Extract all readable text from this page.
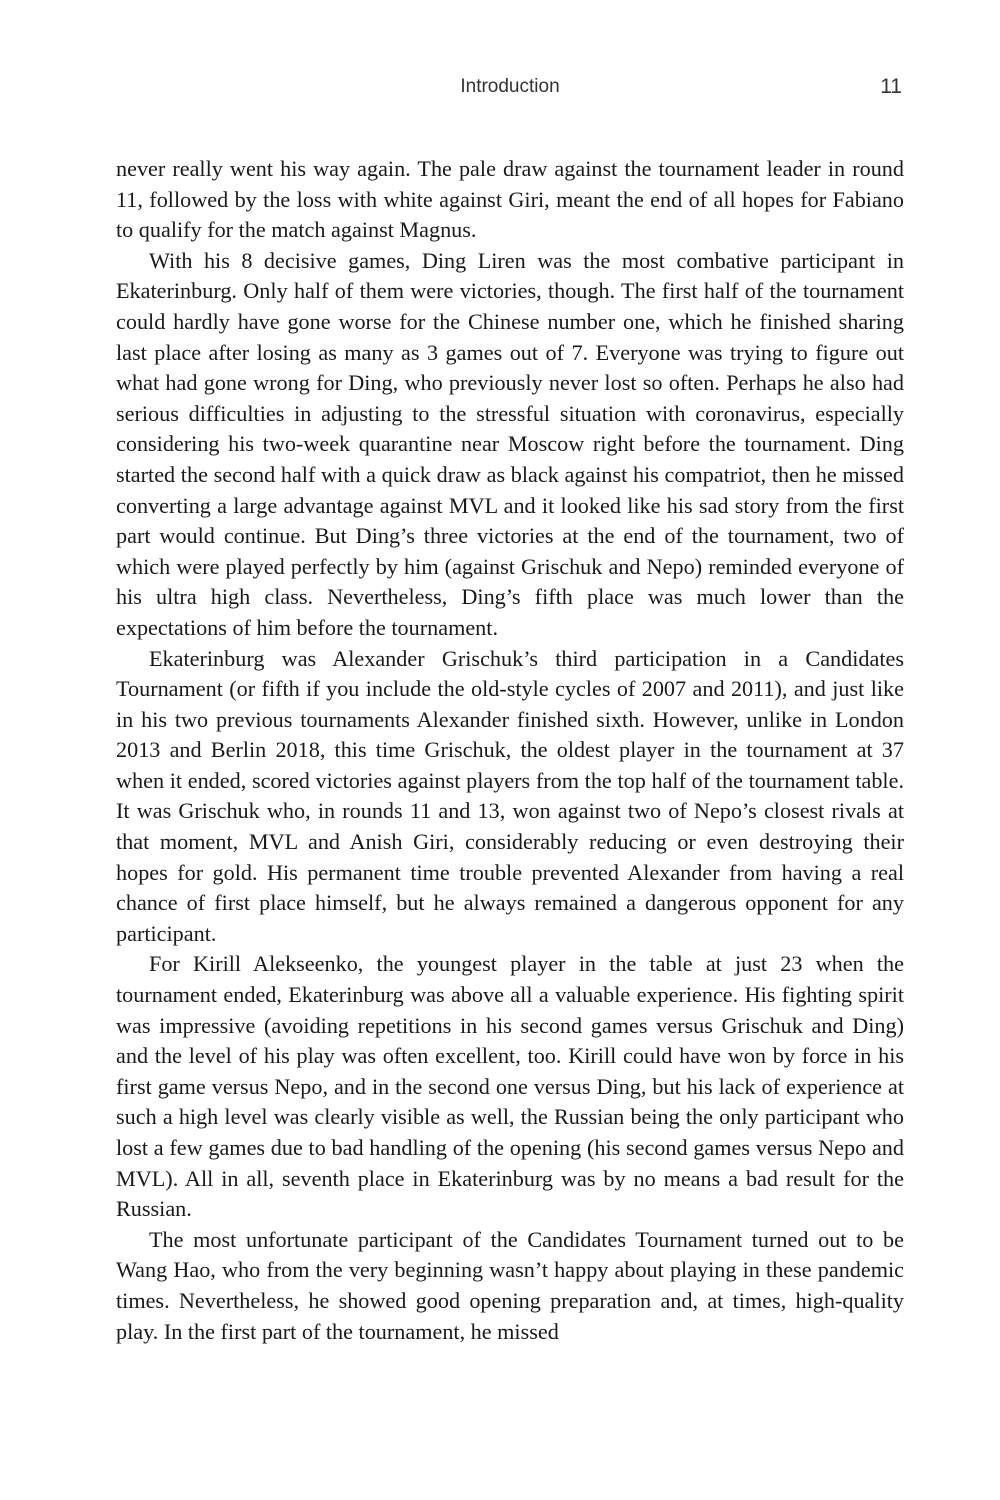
Introduction	11

never really went his way again. The pale draw against the tournament leader in round 11, followed by the loss with white against Giri, meant the end of all hopes for Fabiano to qualify for the match against Magnus.

With his 8 decisive games, Ding Liren was the most combative participant in Ekaterinburg. Only half of them were victories, though. The first half of the tournament could hardly have gone worse for the Chinese number one, which he finished sharing last place after losing as many as 3 games out of 7. Everyone was trying to figure out what had gone wrong for Ding, who previously never lost so often. Perhaps he also had serious difficulties in adjusting to the stressful situation with coronavirus, especially considering his two-week quarantine near Moscow right before the tournament. Ding started the second half with a quick draw as black against his compatriot, then he missed converting a large advantage against MVL and it looked like his sad story from the first part would continue. But Ding’s three victories at the end of the tournament, two of which were played perfectly by him (against Grischuk and Nepo) reminded everyone of his ultra high class. Nevertheless, Ding’s fifth place was much lower than the expectations of him before the tournament.

Ekaterinburg was Alexander Grischuk’s third participation in a Candidates Tournament (or fifth if you include the old-style cycles of 2007 and 2011), and just like in his two previous tournaments Alexander finished sixth. However, unlike in London 2013 and Berlin 2018, this time Grischuk, the oldest player in the tournament at 37 when it ended, scored victories against players from the top half of the tournament table. It was Grischuk who, in rounds 11 and 13, won against two of Nepo’s closest rivals at that moment, MVL and Anish Giri, considerably reducing or even destroying their hopes for gold. His permanent time trouble prevented Alexander from having a real chance of first place himself, but he always remained a dangerous opponent for any participant.

For Kirill Alekseenko, the youngest player in the table at just 23 when the tournament ended, Ekaterinburg was above all a valuable experience. His fighting spirit was impressive (avoiding repetitions in his second games versus Grischuk and Ding) and the level of his play was often excellent, too. Kirill could have won by force in his first game versus Nepo, and in the second one versus Ding, but his lack of experience at such a high level was clearly visible as well, the Russian being the only participant who lost a few games due to bad handling of the opening (his second games versus Nepo and MVL). All in all, seventh place in Ekaterinburg was by no means a bad result for the Russian.

The most unfortunate participant of the Candidates Tournament turned out to be Wang Hao, who from the very beginning wasn’t happy about playing in these pandemic times. Nevertheless, he showed good opening preparation and, at times, high-quality play. In the first part of the tournament, he missed
